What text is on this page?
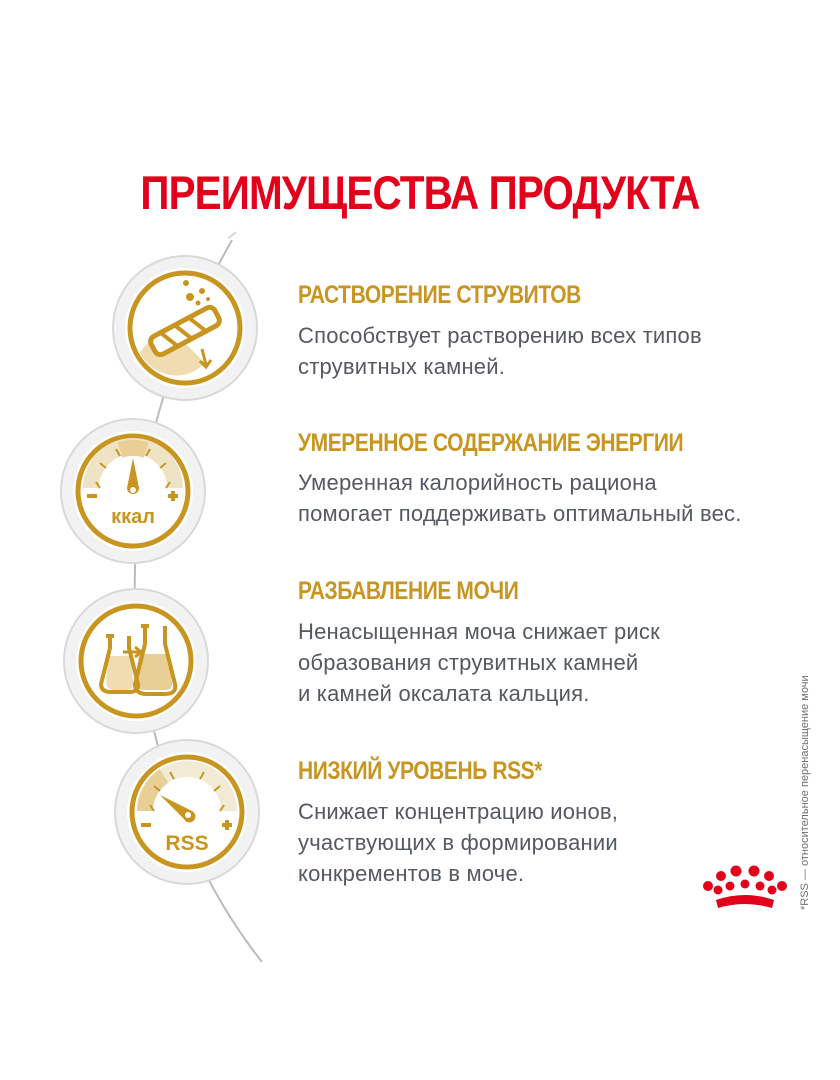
ПРЕИМУЩЕСТВА ПРОДУКТА
РАСТВОРЕНИЕ СТРУВИТОВ
Способствует растворению всех типов
струвитных камней.
ккал
УМЕРЕННОЕ СОДЕРЖАНИЕ ЭНЕРГИИ
Умеренная калорийность рациона
помогает поддерживать оптимальный вес.
РАЗБАВЛЕНИЕ МОЧИ
Ненасыщенная моча снижает риск
образования струвитных камней
и камней оксалата кальция.
RSS
НИЗКИЙ УРОВЕНЬ RSS*
Снижает концентрацию ионов,
участвующих в формировании
конкрементов в моче.	*RSS — относительное перенасыщение мочи
